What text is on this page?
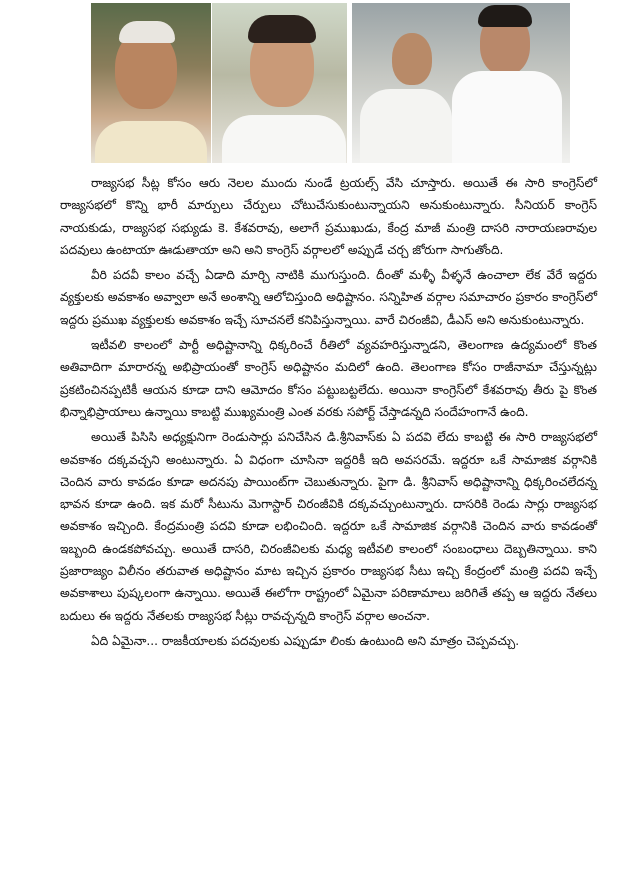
రాజ్యసభ సీట్ల కోసం ఆరు నెలల ముందు నుండే ట్రయల్స్ వేసి చూస్తారు. అయితే ఈ సారి కాంగ్రెస్‌లో రాజ్యసభలో కొన్ని భారీ మార్పులు చేర్పులు చోటుచేసుకుంటున్నాయని అనుకుంటున్నారు. సీనియర్ కాంగ్రెస్ నాయకుడు, రాజ్యసభ సభ్యుడు కె. కేశవరావు, అలాగే ప్రముఖుడు, కేంద్ర మాజీ మంత్రి దాసరి నారాయణరావుల పదవులు ఉంటాయా ఊడుతాయా అని అని కాంగ్రెస్ వర్గాలలో అప్పుడే చర్చ జోరుగా సాగుతోంది.

వీరి పదవీ కాలం వచ్చే ఏడాది మార్చి నాటికి ముగుస్తుంది. దీంతో మళ్ళీ వీళ్ళనే ఉంచాలా లేక వేరే ఇద్దరు వ్యక్తులకు అవకాశం అవ్వాలా అనే అంశాన్ని ఆలోచిస్తుంది అధిష్టానం. సన్నిహిత వర్గాల సమాచారం ప్రకారం కాంగ్రెస్‌లో ఇద్దరు ప్రముఖ వ్యక్తులకు అవకాశం ఇచ్చే సూచనలే కనిపిస్తున్నాయి. వారే చిరంజీవి, డీఎస్ అని అనుకుంటున్నారు.

ఇటీవలి కాలంలో పార్టీ అధిష్టానాన్ని ధిక్కరించే రీతిలో వ్యవహరిస్తున్నాడని, తెలంగాణ ఉద్యమంలో కొంత అతివాదిగా మారారన్న అభిప్రాయంతో కాంగ్రెస్ అధిష్టానం మదిలో ఉంది. తెలంగాణ కోసం రాజీనామా చేస్తున్నట్లు ప్రకటించినప్పటికీ ఆయన కూడా దాని ఆమోదం కోసం పట్టుబట్టలేదు. అయినా కాంగ్రెస్‌లో కేశవరావు తీరు పై కొంత భిన్నాభిప్రాయాలు ఉన్నాయి కాబట్టి ముఖ్యమంత్రి ఎంత వరకు సపోర్ట్ చేస్తాడన్నది సందేహంగానే ఉంది.

అయితే పిసిసి అధ్యక్షునిగా రెండుసార్లు పనిచేసిన డి.శ్రీనివాస్‌కు ఏ పదవి లేదు కాబట్టి ఈ సారి రాజ్యసభలో అవకాశం దక్కవచ్చని అంటున్నారు. ఏ విధంగా చూసినా ఇద్దరికీ ఇది అవసరమే. ఇద్దరూ ఒకే సామాజిక వర్గానికి చెందిన వారు కావడం కూడా అదనపు పాయింట్‌గా చెబుతున్నారు. పైగా డి. శ్రీనివాస్ అధిష్టానాన్ని ధిక్కరించలేదన్న భావన కూడా ఉంది. ఇక మరో సీటును మెగాస్టార్ చిరంజీవికి దక్కవచ్చుంటున్నారు. దాసరికి రెండు సార్లు రాజ్యసభ అవకాశం ఇచ్చింది. కేంద్రమంత్రి పదవి కూడా లభించింది. ఇద్దరూ ఒకే సామాజిక వర్గానికి చెందిన వారు కావడంతో ఇబ్బంది ఉండకపోవచ్చు. అయితే దాసరి, చిరంజీవిలకు మధ్య ఇటీవలి కాలంలో సంబంధాలు దెబ్బతిన్నాయి. కాని ప్రజారాజ్యం విలీనం తరువాత అధిష్టానం మాట ఇచ్చిన ప్రకారం రాజ్యసభ సీటు ఇచ్చి కేంద్రంలో మంత్రి పదవి ఇచ్చే అవకాశాలు పుష్కలంగా ఉన్నాయి. అయితే ఈలోగా రాష్ట్రంలో ఏమైనా పరిణామాలు జరిగితే తప్ప ఆ ఇద్దరు నేతలు బదులు ఈ ఇద్దరు నేతలకు రాజ్యసభ సీట్లు రావచ్చన్నది కాంగ్రెస్ వర్గాల అంచనా.

ఏది ఏమైనా... రాజకీయాలకు పదవులకు ఎప్పుడూ లింకు ఉంటుంది అని మాత్రం చెప్పవచ్చు.
